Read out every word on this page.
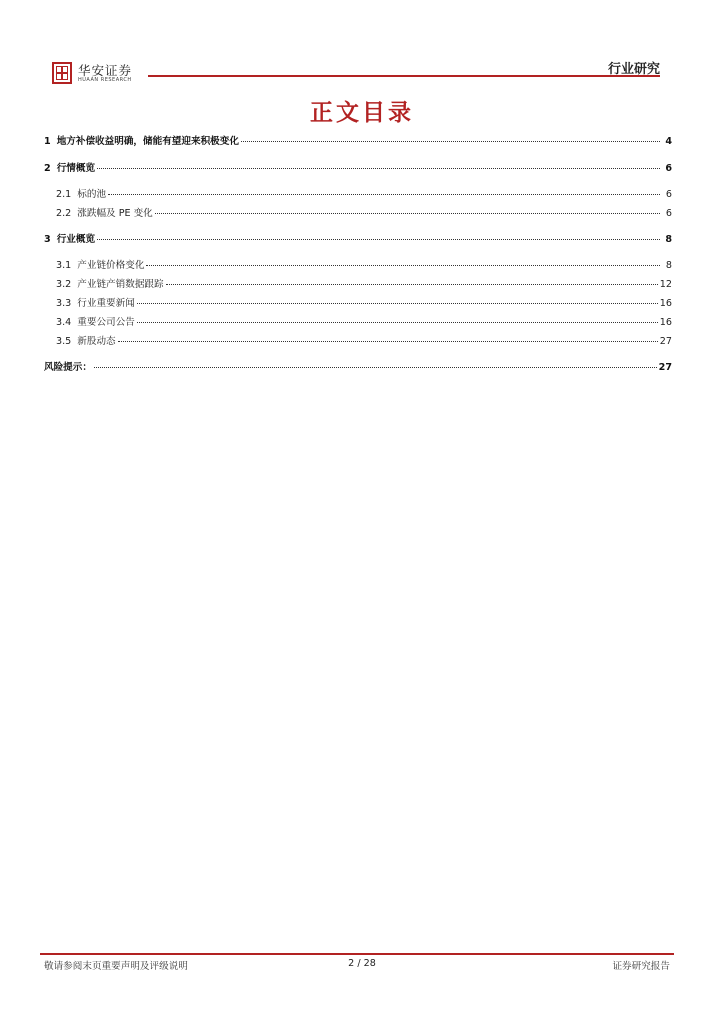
华安证券
HUAAN RESEARCH
行业研究
正文目录
1 地方补偿收益明确，储能有望迎来积极变化	4
2 行情概览	6
2.1 标的池	6
2.2 涨跌幅及 PE 变化	6
3 行业概览	8
3.1 产业链价格变化	8
3.2 产业链产销数据跟踪	12
3.3 行业重要新闻	16
3.4 重要公司公告	16
3.5 新股动态	27
风险提示：	27
敬请参阅末页重要声明及评级说明	2 / 28	证券研究报告
